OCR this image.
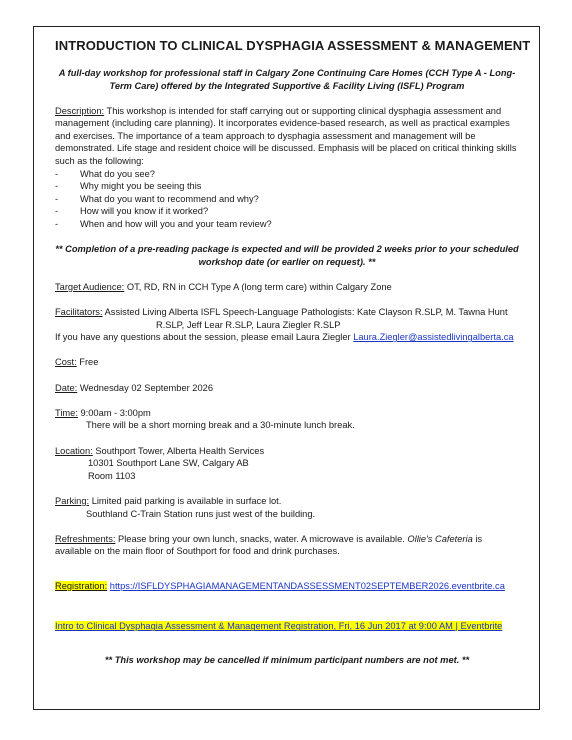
INTRODUCTION TO CLINICAL DYSPHAGIA ASSESSMENT & MANAGEMENT
A full-day workshop for professional staff in Calgary Zone Continuing Care Homes (CCH Type A - Long-Term Care) offered by the Integrated Supportive & Facility Living (ISFL) Program

Description: This workshop is intended for staff carrying out or supporting clinical dysphagia assessment and management (including care planning). It incorporates evidence-based research, as well as practical examples and exercises. The importance of a team approach to dysphagia assessment and management will be demonstrated. Life stage and resident choice will be discussed. Emphasis will be placed on critical thinking skills such as the following:

-	What do you see?
-	Why might you be seeing this
-	What do you want to recommend and why?
-	How will you know if it worked?
-	When and how will you and your team review?
** Completion of a pre-reading package is expected and will be provided 2 weeks prior to your scheduled workshop date (or earlier on request). **

Target Audience: OT, RD, RN in CCH Type A (long term care) within Calgary Zone

Facilitators: Assisted Living Alberta ISFL Speech-Language Pathologists: Kate Clayson R.SLP, M. Tawna Hunt

R.SLP, Jeff Lear R.SLP, Laura Ziegler R.SLP

If you have any questions about the session, please email Laura Ziegler Laura.Ziegler@assistedlivingalberta.ca

Cost: Free

Date: Wednesday 02 September 2026

Time: 9:00am - 3:00pm

There will be a short morning break and a 30-minute lunch break.

Location: Southport Tower, Alberta Health Services

10301 Southport Lane SW, Calgary AB

Room 1103

Parking: Limited paid parking is available in surface lot.

Southland C-Train Station runs just west of the building.

Refreshments: Please bring your own lunch, snacks, water. A microwave is available. Ollie's Cafeteria is available on the main floor of Southport for food and drink purchases.

Registration: https://ISFLDYSPHAGIAMANAGEMENTANDASSESSMENT02SEPTEMBER2026.eventbrite.ca

Intro to Clinical Dysphagia Assessment & Management Registration, Fri, 16 Jun 2017 at 9:00 AM | Eventbrite

** This workshop may be cancelled if minimum participant numbers are not met. **
